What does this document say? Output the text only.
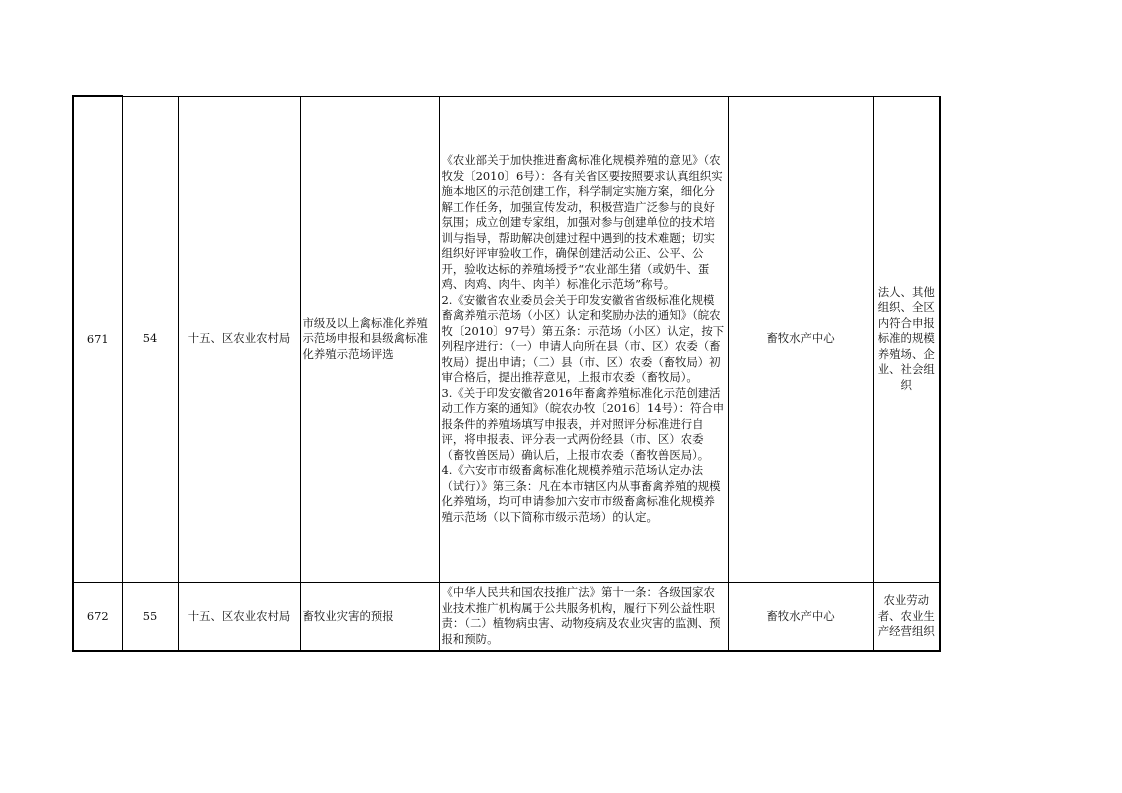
671	54	十五、区农业农村局	市级及以上禽标准化养殖示范场申报和县级禽标准化养殖示范场评选	《农业部关于加快推进畜禽标准化规模养殖的意见》（农牧发〔2010〕6号）：各有关省区要按照要求认真组织实施本地区的示范创建工作，科学制定实施方案，细化分解工作任务，加强宣传发动，积极营造广泛参与的良好氛围；成立创建专家组，加强对参与创建单位的技术培训与指导，帮助解决创建过程中遇到的技术难题；切实组织好评审验收工作，确保创建活动公正、公平、公开，验收达标的养殖场授予“农业部生猪（或奶牛、蛋鸡、肉鸡、肉牛、肉羊）标准化示范场”称号。

2.《安徽省农业委员会关于印发安徽省省级标准化规模畜禽养殖示范场（小区）认定和奖励办法的通知》（皖农牧〔2010〕97号）第五条：示范场（小区）认定，按下列程序进行：（一）申请人向所在县（市、区）农委（畜牧局）提出申请；（二）县（市、区）农委（畜牧局）初审合格后，提出推荐意见，上报市农委（畜牧局）。

3.《关于印发安徽省2016年畜禽养殖标准化示范创建活动工作方案的通知》（皖农办牧〔2016〕14号）：符合申报条件的养殖场填写申报表，并对照评分标准进行自评，将申报表、评分表一式两份经县（市、区）农委（畜牧兽医局）确认后，上报市农委（畜牧兽医局）。

4.《六安市市级畜禽标准化规模养殖示范场认定办法（试行）》第三条：凡在本市辖区内从事畜禽养殖的规模化养殖场，均可申请参加六安市市级畜禽标准化规模养殖示范场（以下简称市级示范场）的认定。	畜牧水产中心	法人、其他组织、全区内符合申报标准的规模养殖场、企业、社会组织
672	55	十五、区农业农村局	畜牧业灾害的预报	《中华人民共和国农技推广法》第十一条：各级国家农业技术推广机构属于公共服务机构，履行下列公益性职责：（二）植物病虫害、动物疫病及农业灾害的监测、预报和预防。	畜牧水产中心	农业劳动者、农业生产经营组织
